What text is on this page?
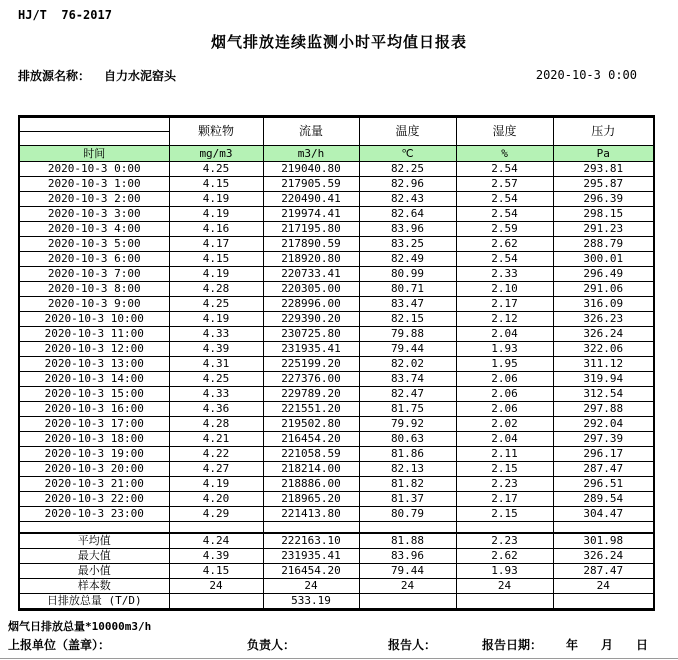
HJ/T  76-2017
烟气排放连续监测小时平均值日报表
排放源名称： 自力水泥窑头	2020-10-3 0:00
	颗粒物	流量	温度	湿度	压力

时间	mg/m3	m3/h	℃	%	Pa
2020-10-3 0:00	4.25	219040.80	82.25	2.54	293.81
2020-10-3 1:00	4.15	217905.59	82.96	2.57	295.87
2020-10-3 2:00	4.19	220490.41	82.43	2.54	296.39
2020-10-3 3:00	4.19	219974.41	82.64	2.54	298.15
2020-10-3 4:00	4.16	217195.80	83.96	2.59	291.23
2020-10-3 5:00	4.17	217890.59	83.25	2.62	288.79
2020-10-3 6:00	4.15	218920.80	82.49	2.54	300.01
2020-10-3 7:00	4.19	220733.41	80.99	2.33	296.49
2020-10-3 8:00	4.28	220305.00	80.71	2.10	291.06
2020-10-3 9:00	4.25	228996.00	83.47	2.17	316.09
2020-10-3 10:00	4.19	229390.20	82.15	2.12	326.23
2020-10-3 11:00	4.33	230725.80	79.88	2.04	326.24
2020-10-3 12:00	4.39	231935.41	79.44	1.93	322.06
2020-10-3 13:00	4.31	225199.20	82.02	1.95	311.12
2020-10-3 14:00	4.25	227376.00	83.74	2.06	319.94
2020-10-3 15:00	4.33	229789.20	82.47	2.06	312.54
2020-10-3 16:00	4.36	221551.20	81.75	2.06	297.88
2020-10-3 17:00	4.28	219502.80	79.92	2.02	292.04
2020-10-3 18:00	4.21	216454.20	80.63	2.04	297.39
2020-10-3 19:00	4.22	221058.59	81.86	2.11	296.17
2020-10-3 20:00	4.27	218214.00	82.13	2.15	287.47
2020-10-3 21:00	4.19	218886.00	81.82	2.23	296.51
2020-10-3 22:00	4.20	218965.20	81.37	2.17	289.54
2020-10-3 23:00	4.29	221413.80	80.79	2.15	304.47

平均值	4.24	222163.10	81.88	2.23	301.98
最大值	4.39	231935.41	83.96	2.62	326.24
最小值	4.15	216454.20	79.44	1.93	287.47
样本数	24	24	24	24	24
日排放总量 (T/D)		533.19			
烟气日排放总量*10000m3/h
上报单位（盖章）：	负责人：	报告人：	报告日期： 年 月 日
